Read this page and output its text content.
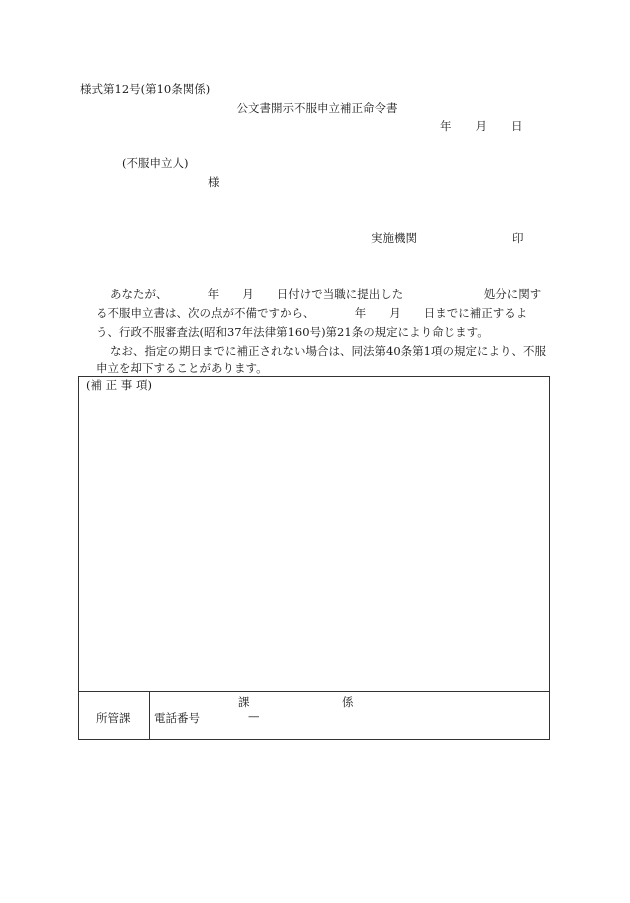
様式第12号(第10条関係)
公文書開示不服申立補正命令書
年 月 日
(不服申立人)
様
実施機関	印
あなたが、　　　　年　　月　　日付けで当職に提出した　　　　　　　処分に関す
る不服申立書は、次の点が不備ですから、　　　　年　　月　　日までに補正するよ
う、行政不服審査法(昭和37年法律第160号)第21条の規定により命じます。
なお、指定の期日までに補正されない場合は、同法第40条第1項の規定により、不服
申立を却下することがあります。
(補 正 事 項)
所管課
課	係
電話番号	—
